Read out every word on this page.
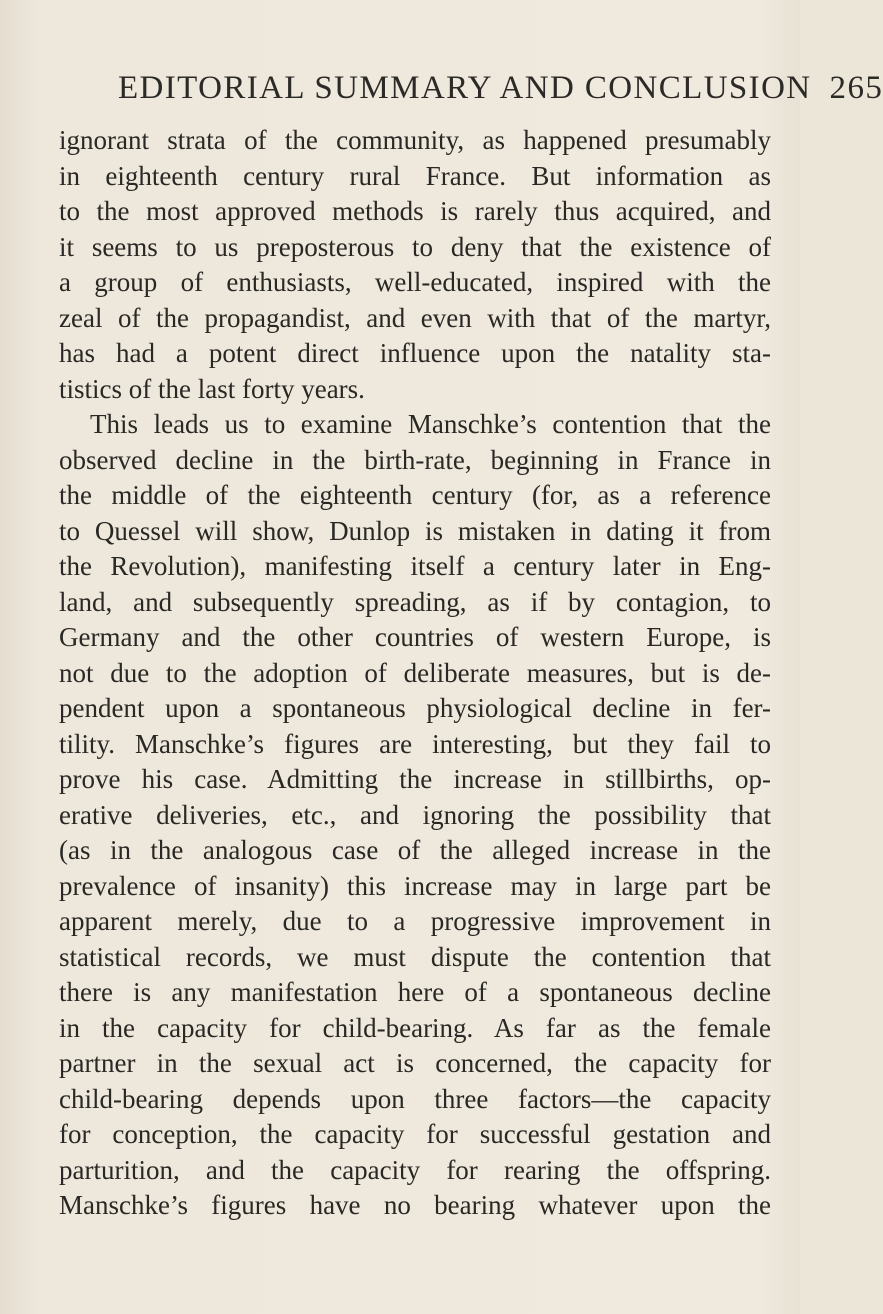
EDITORIAL SUMMARY AND CONCLUSION 265
ignorant strata of the community, as happened presumably
in eighteenth century rural France. But information as
to the most approved methods is rarely thus acquired, and
it seems to us preposterous to deny that the existence of
a group of enthusiasts, well-educated, inspired with the
zeal of the propagandist, and even with that of the martyr,
has had a potent direct influence upon the natality sta-
tistics of the last forty years.
This leads us to examine Manschke’s contention that the
observed decline in the birth-rate, beginning in France in
the middle of the eighteenth century (for, as a reference
to Quessel will show, Dunlop is mistaken in dating it from
the Revolution), manifesting itself a century later in Eng-
land, and subsequently spreading, as if by contagion, to
Germany and the other countries of western Europe, is
not due to the adoption of deliberate measures, but is de-
pendent upon a spontaneous physiological decline in fer-
tility. Manschke’s figures are interesting, but they fail to
prove his case. Admitting the increase in stillbirths, op-
erative deliveries, etc., and ignoring the possibility that
(as in the analogous case of the alleged increase in the
prevalence of insanity) this increase may in large part be
apparent merely, due to a progressive improvement in
statistical records, we must dispute the contention that
there is any manifestation here of a spontaneous decline
in the capacity for child-bearing. As far as the female
partner in the sexual act is concerned, the capacity for
child-bearing depends upon three factors—the capacity
for conception, the capacity for successful gestation and
parturition, and the capacity for rearing the offspring.
Manschke’s figures have no bearing whatever upon the
